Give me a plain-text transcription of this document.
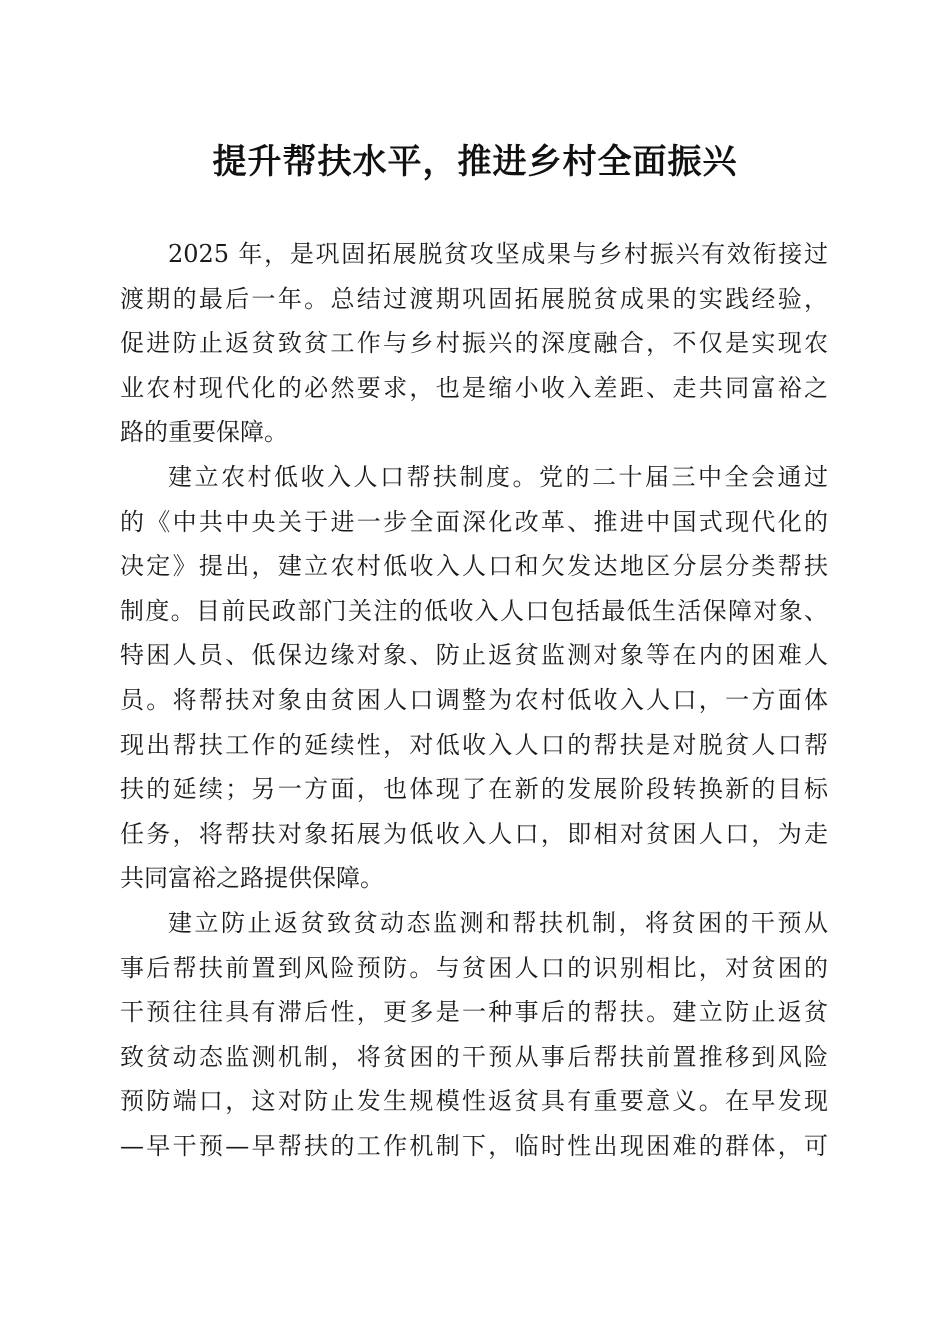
提升帮扶水平，推进乡村全面振兴
2025 年，是巩固拓展脱贫攻坚成果与乡村振兴有效衔接过
渡期的最后一年。总结过渡期巩固拓展脱贫成果的实践经验，
促进防止返贫致贫工作与乡村振兴的深度融合，不仅是实现农
业农村现代化的必然要求，也是缩小收入差距、走共同富裕之
路的重要保障。
建立农村低收入人口帮扶制度。党的二十届三中全会通过
的《中共中央关于进一步全面深化改革、推进中国式现代化的
决定》提出，建立农村低收入人口和欠发达地区分层分类帮扶
制度。目前民政部门关注的低收入人口包括最低生活保障对象、
特困人员、低保边缘对象、防止返贫监测对象等在内的困难人
员。将帮扶对象由贫困人口调整为农村低收入人口，一方面体
现出帮扶工作的延续性，对低收入人口的帮扶是对脱贫人口帮
扶的延续；另一方面，也体现了在新的发展阶段转换新的目标
任务，将帮扶对象拓展为低收入人口，即相对贫困人口，为走
共同富裕之路提供保障。
建立防止返贫致贫动态监测和帮扶机制，将贫困的干预从
事后帮扶前置到风险预防。与贫困人口的识别相比，对贫困的
干预往往具有滞后性，更多是一种事后的帮扶。建立防止返贫
致贫动态监测机制，将贫困的干预从事后帮扶前置推移到风险
预防端口，这对防止发生规模性返贫具有重要意义。在早发现
—早干预—早帮扶的工作机制下，临时性出现困难的群体，可
